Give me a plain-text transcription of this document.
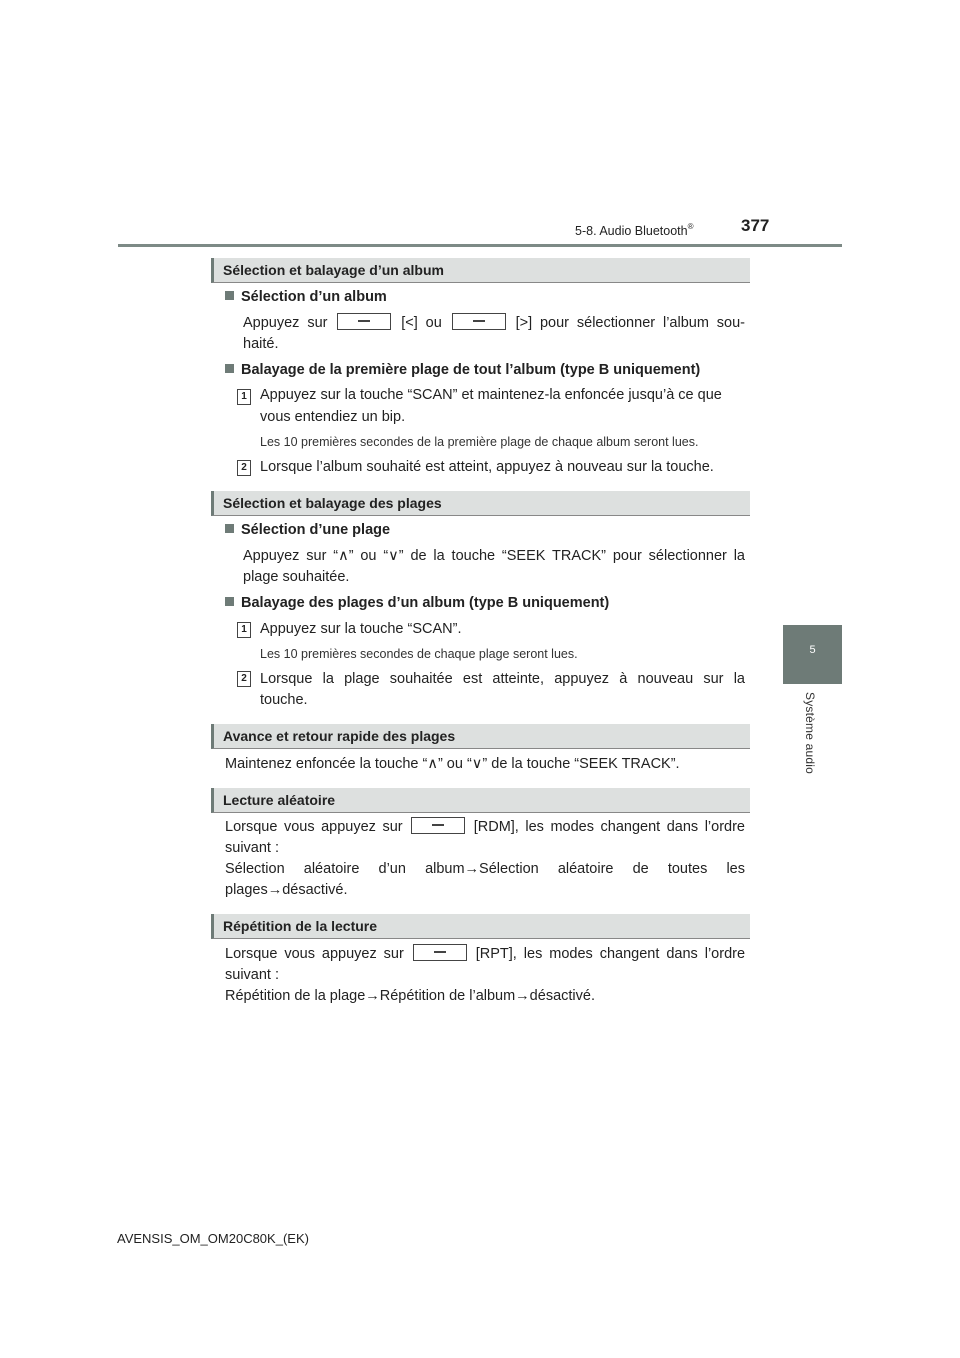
5-8. Audio Bluetooth®	377
5
Système audio
Sélection et balayage d’un album
Sélection d’un album
Appuyez sur	[<] ou	[>] pour sélectionner l’album sou-
haité.
Balayage de la première plage de tout l’album (type B uniquement)
1 Appuyez sur la touche “SCAN” et maintenez-la enfoncée jusqu’à ce que
vous entendiez un bip.
Les 10 premières secondes de la première plage de chaque album seront lues.
2 Lorsque l’album souhaité est atteint, appuyez à nouveau sur la touche.
Sélection et balayage des plages
Sélection d’une plage
Appuyez sur “∧” ou “∨” de la touche “SEEK TRACK” pour sélectionner la
plage souhaitée.
Balayage des plages d’un album (type B uniquement)
1 Appuyez sur la touche “SCAN”.
Les 10 premières secondes de chaque plage seront lues.
2 Lorsque la plage souhaitée est atteinte, appuyez à nouveau sur la
touche.
Avance et retour rapide des plages
Maintenez enfoncée la touche “∧” ou “∨” de la touche “SEEK TRACK”.
Lecture aléatoire
Lorsque vous appuyez sur	[RDM], les modes changent dans l’ordre
suivant :
Sélection aléatoire d’un album→Sélection aléatoire de toutes les
plages→désactivé.
Répétition de la lecture
Lorsque vous appuyez sur	[RPT], les modes changent dans l’ordre
suivant :
Répétition de la plage→Répétition de l’album→désactivé.
AVENSIS_OM_OM20C80K_(EK)
